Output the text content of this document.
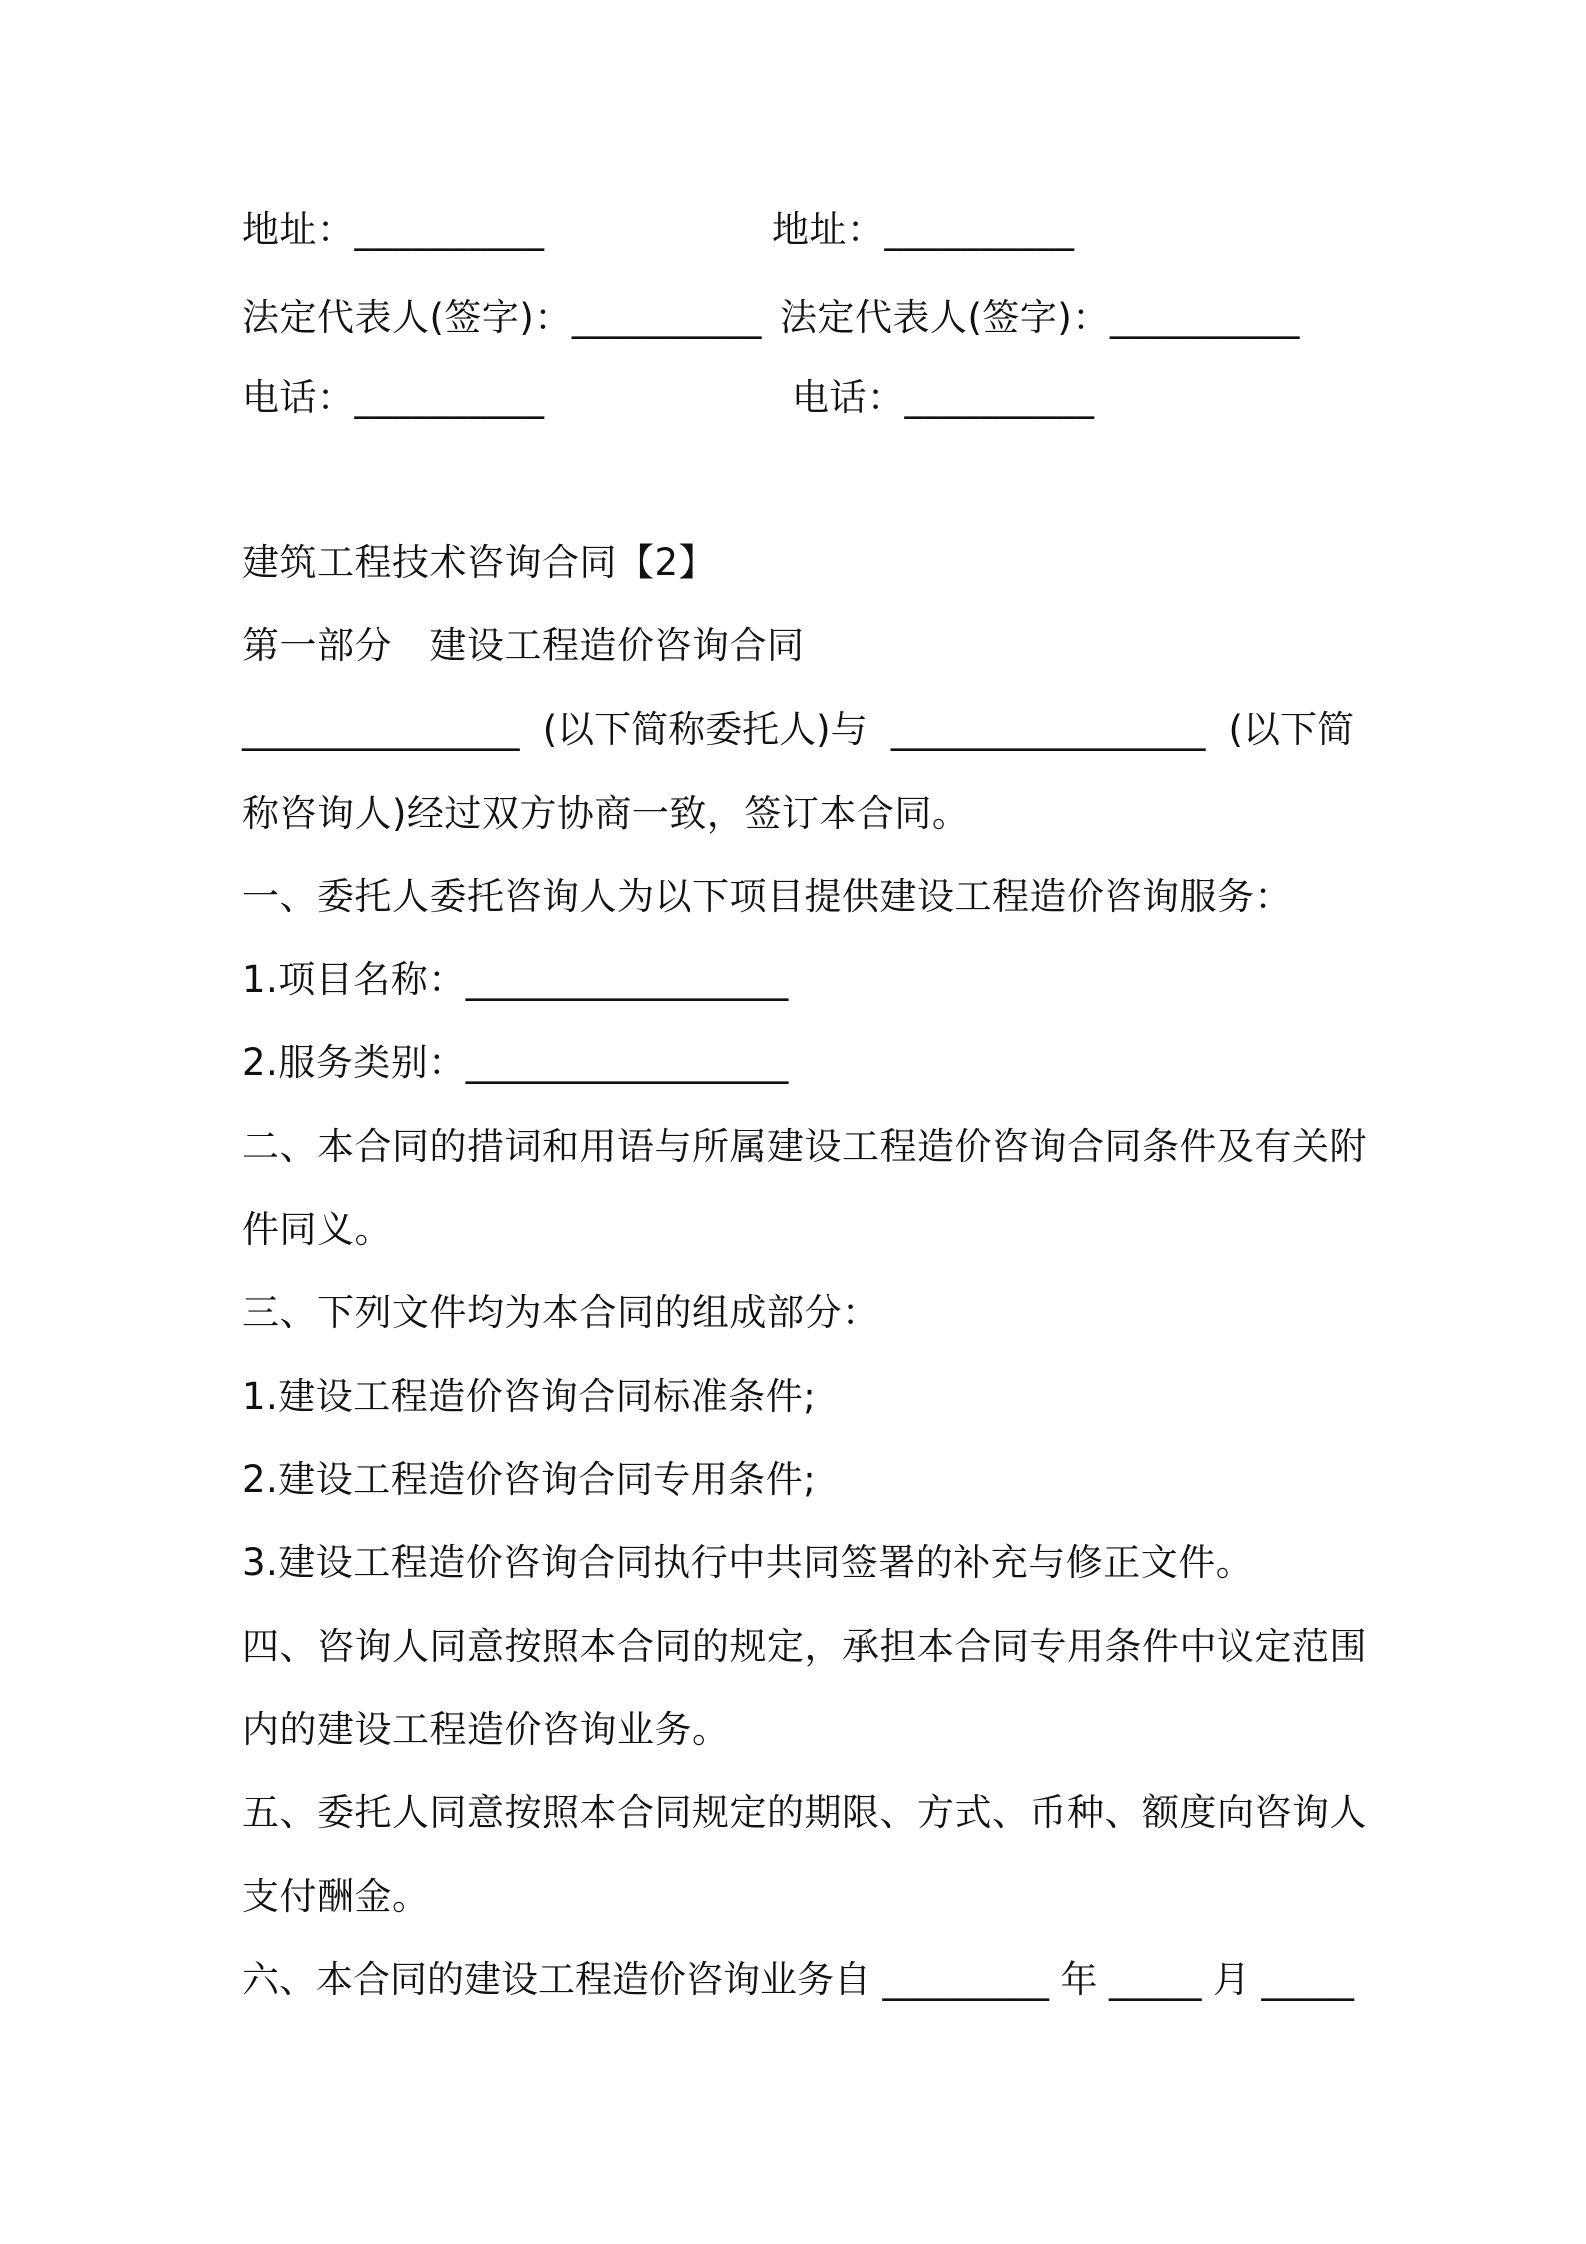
地址：__________	地址：__________
法定代表人(签字)：__________ 法定代表人(签字)：__________
电话：__________	电话：__________
建筑工程技术咨询合同【2】
第一部分　建设工程造价咨询合同
_______________ (以下简称委托人)与 _________________ (以下简
称咨询人)经过双方协商一致，签订本合同。
一、委托人委托咨询人为以下项目提供建设工程造价咨询服务：
1.项目名称：_________________
2.服务类别：_________________
二、本合同的措词和用语与所属建设工程造价咨询合同条件及有关附
件同义。
三、下列文件均为本合同的组成部分：
1.建设工程造价咨询合同标准条件;
2.建设工程造价咨询合同专用条件;
3.建设工程造价咨询合同执行中共同签署的补充与修正文件。
四、咨询人同意按照本合同的规定，承担本合同专用条件中议定范围
内的建设工程造价咨询业务。
五、委托人同意按照本合同规定的期限、方式、币种、额度向咨询人
支付酬金。
六、本合同的建设工程造价咨询业务自 _________ 年 _____ 月 _____
